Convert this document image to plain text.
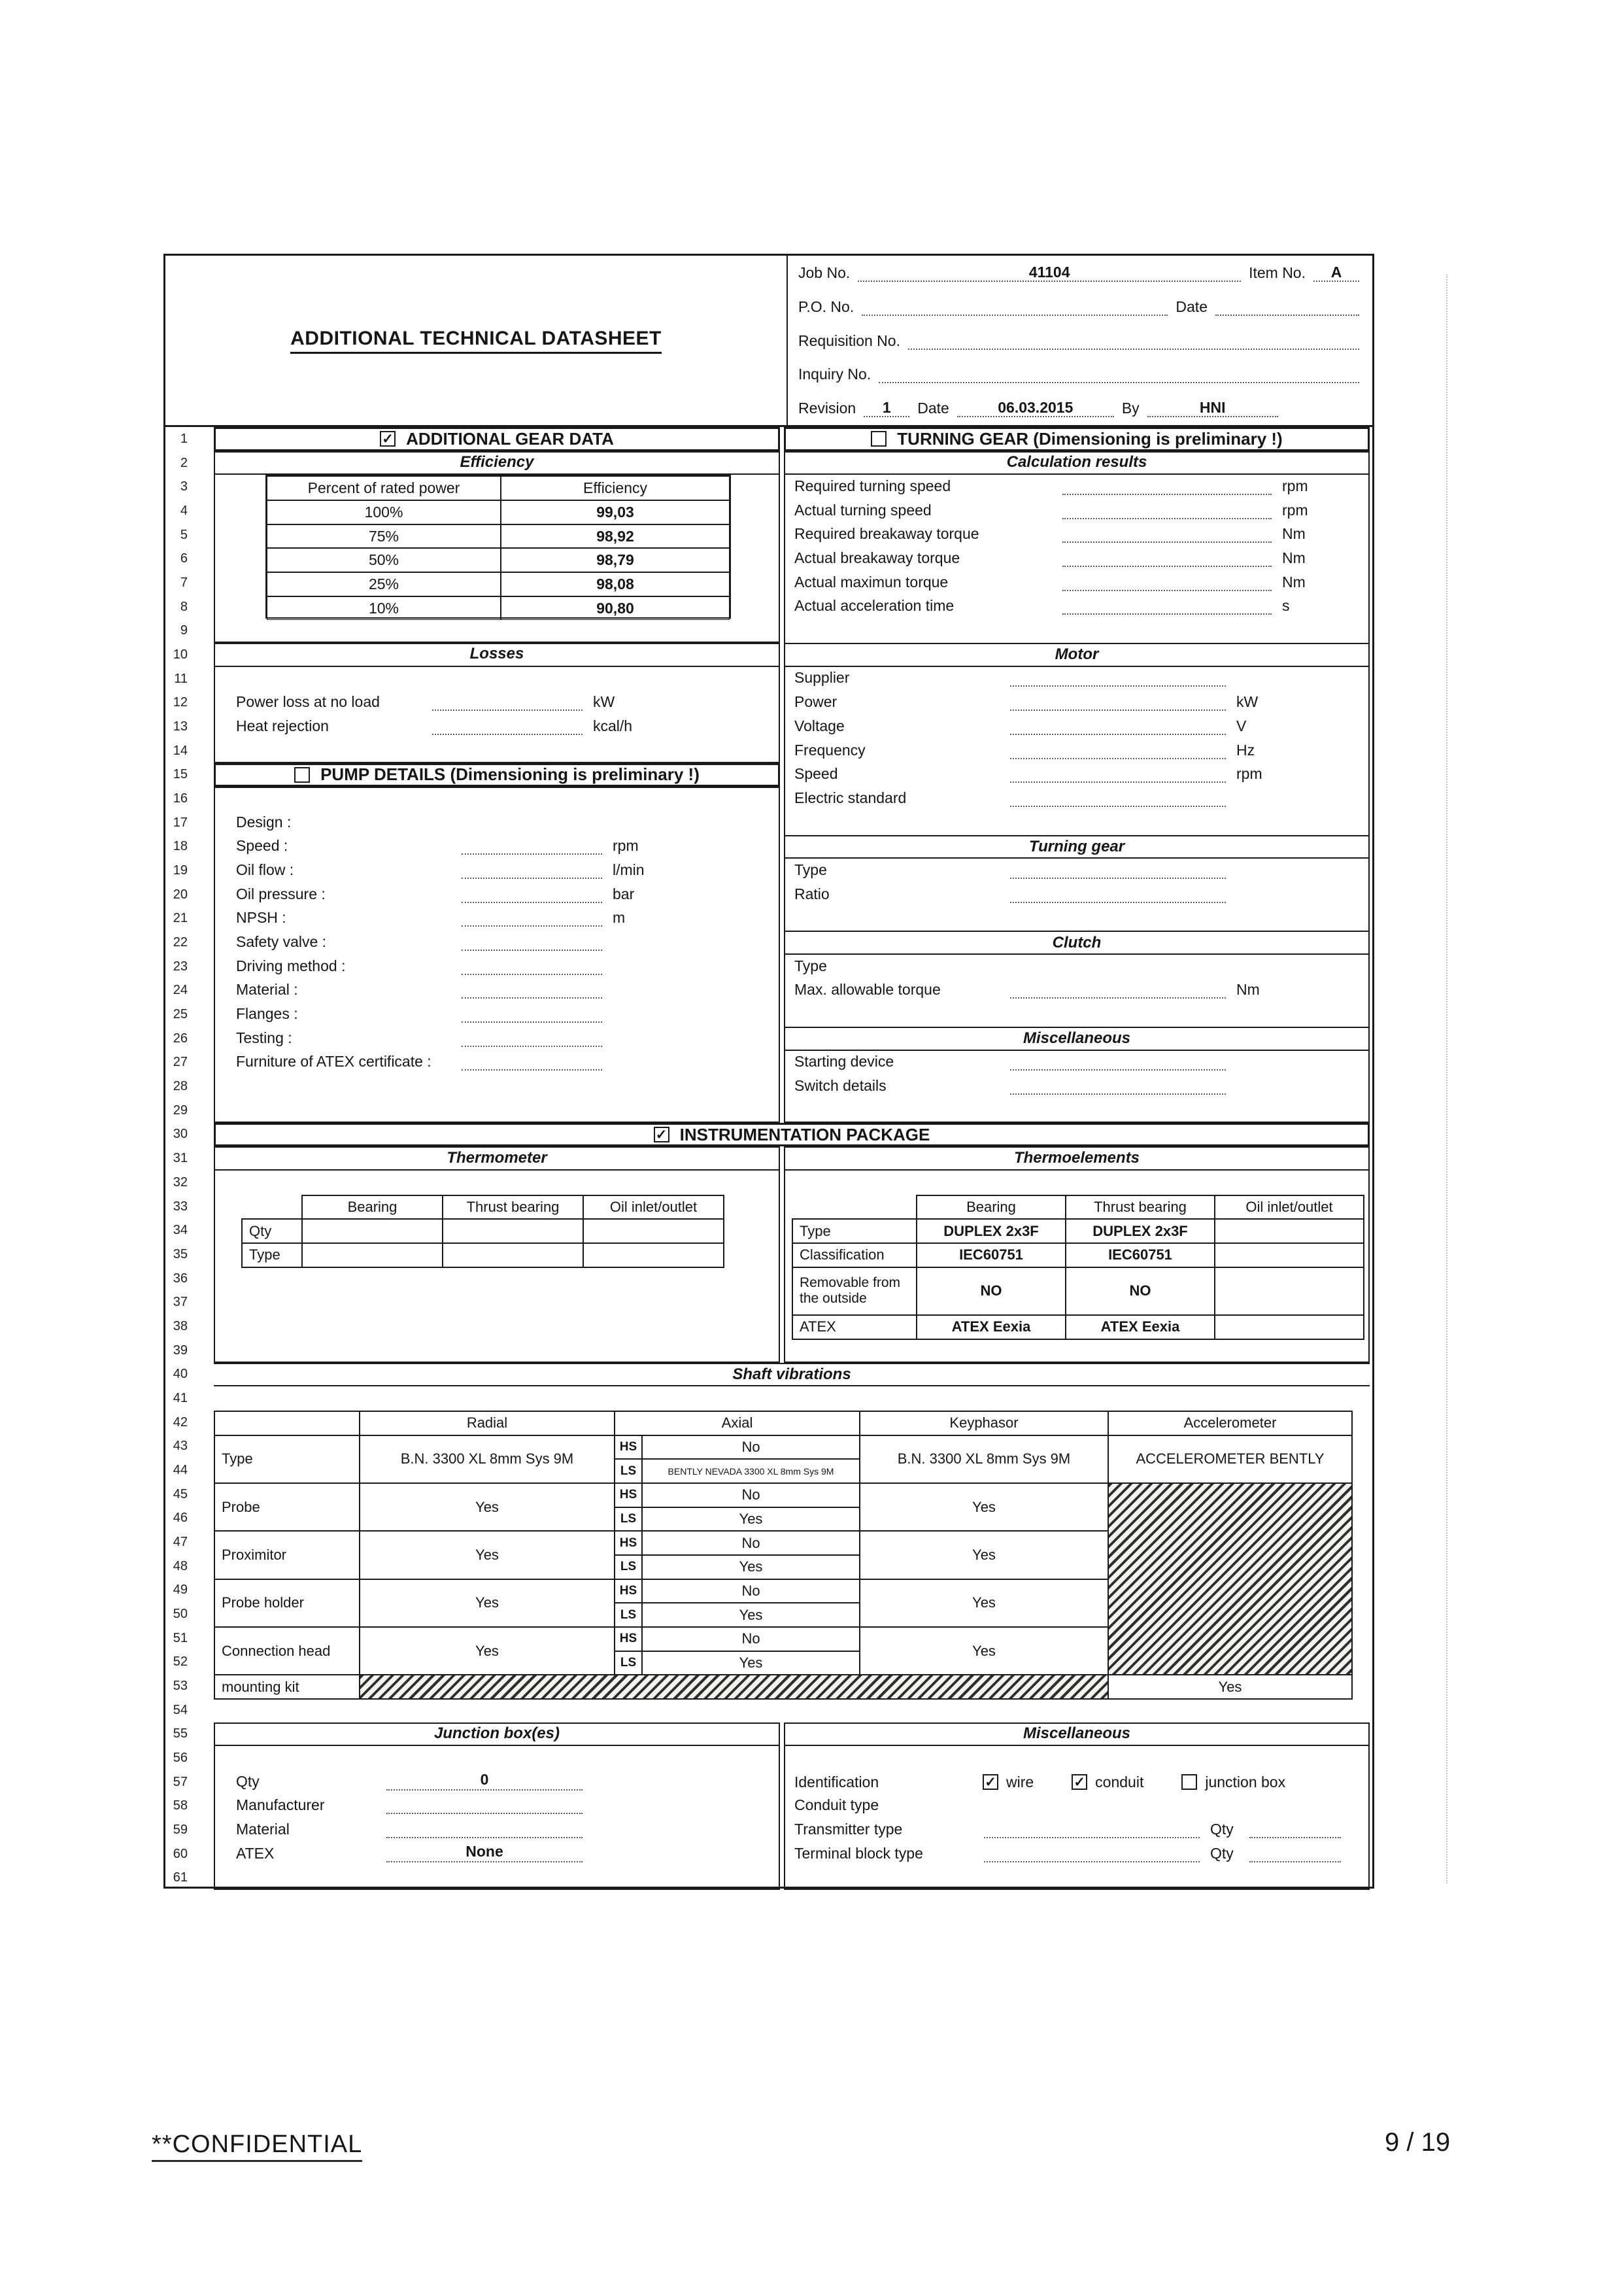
ADDITIONAL TECHNICAL DATASHEET
Job No.	41104	Item No.	A
P.O. No.	Date
Requisition No.
Inquiry No.
Revision	1	Date	06.03.2015	By	HNI
1
2
3
4
5
6
7
8
9
10
11
12
13
14
15
16
17
18
19
20
21
22
23
24
25
26
27
28
29
30
31
32
33
34
35
36
37
38
39
40
41
42
43
44
45
46
47
48
49
50
51
52
53
54
55
56
57
58
59
60
61
✓ ADDITIONAL GEAR DATA
Efficiency
Percent of rated power	Efficiency
100%	99,03
75%	98,92
50%	98,79
25%	98,08
10%	90,80
Losses
PUMP DETAILS (Dimensioning is preliminary !)
TURNING GEAR (Dimensioning is preliminary !)
Calculation results
Motor
Turning gear
Clutch
Miscellaneous
✓ INSTRUMENTATION PACKAGE
Thermometer
	Bearing	Thrust bearing	Oil inlet/outlet
Qty			
Type			
Thermoelements
	Bearing	Thrust bearing	Oil inlet/outlet
Type	DUPLEX 2x3F	DUPLEX 2x3F	
Classification	IEC60751	IEC60751	
Removable from the outside	NO	NO	
ATEX	ATEX Eexia	ATEX Eexia	
Shaft vibrations
	Radial	Axial		Keyphasor	Accelerometer
Type	B.N. 3300 XL 8mm Sys 9M	HS	No	B.N. 3300 XL 8mm Sys 9M	ACCELEROMETER BENTLY
		LS	BENTLY NEVADA 3300 XL 8mm Sys 9M		
Probe	Yes	HS	No	Yes	
		LS	Yes		
Proximitor	Yes	HS	No	Yes	
		LS	Yes		
Probe holder	Yes	HS	No	Yes	
		LS	Yes		
Connection head	Yes	HS	No	Yes	
		LS	Yes		
mounting kit					Yes
Junction box(es)	Miscellaneous
Power loss at no load	kW
Heat rejection	kcal/h
Design :
Speed :	rpm
Oil flow :	l/min
Oil pressure :	bar
NPSH :	m
Safety valve :
Driving method :
Material :
Flanges :
Testing :
Furniture of ATEX certificate :
Required turning speed	rpm
Actual turning speed	rpm
Required breakaway torque	Nm
Actual breakaway torque	Nm
Actual maximun torque	Nm
Actual acceleration time	s
Supplier
Power	kW
Voltage	V
Frequency	Hz
Speed	rpm
Electric standard
Type
Ratio
Type
Max. allowable torque	Nm
Starting device
Switch details
Qty	0
Manufacturer
Material
ATEX	None
Identification	✓ wire	✓ conduit	junction box
Conduit type
Transmitter type	Qty
Terminal block type	Qty
**CONFIDENTIAL	9 / 19
